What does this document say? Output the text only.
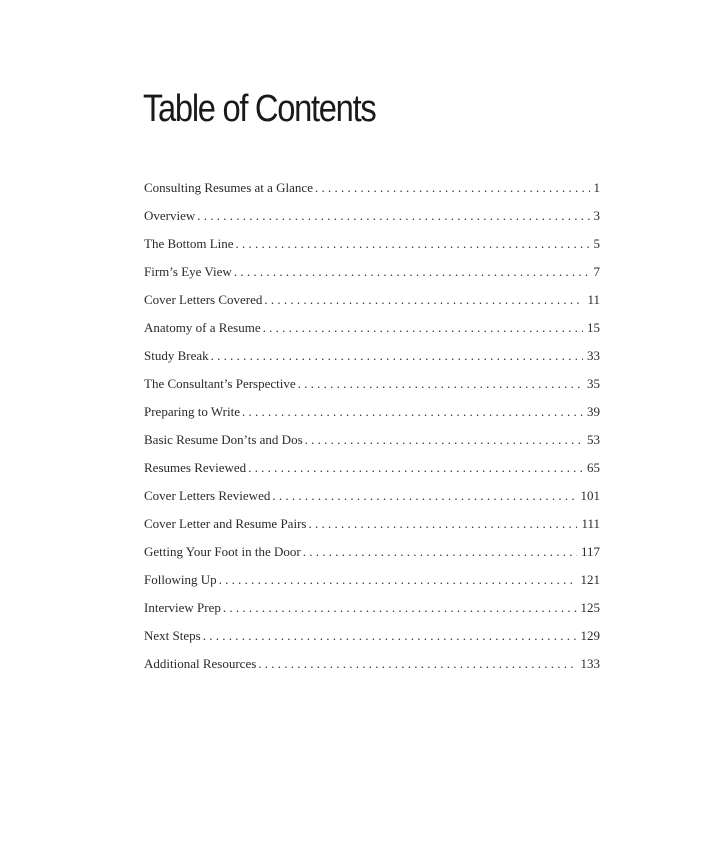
Table of Contents
Consulting Resumes at a Glance . . .	1
Overview . . .	3
The Bottom Line . . .	5
Firm’s Eye View . . .	7
Cover Letters Covered . . .	11
Anatomy of a Resume . . .	15
Study Break . . .	33
The Consultant’s Perspective . . .	35
Preparing to Write . . .	39
Basic Resume Don’ts and Dos . . .	53
Resumes Reviewed . . .	65
Cover Letters Reviewed . . .	101
Cover Letter and Resume Pairs . . .	111
Getting Your Foot in the Door . . .	117
Following Up . . .	121
Interview Prep . . .	125
Next Steps . . .	129
Additional Resources . . .	133
